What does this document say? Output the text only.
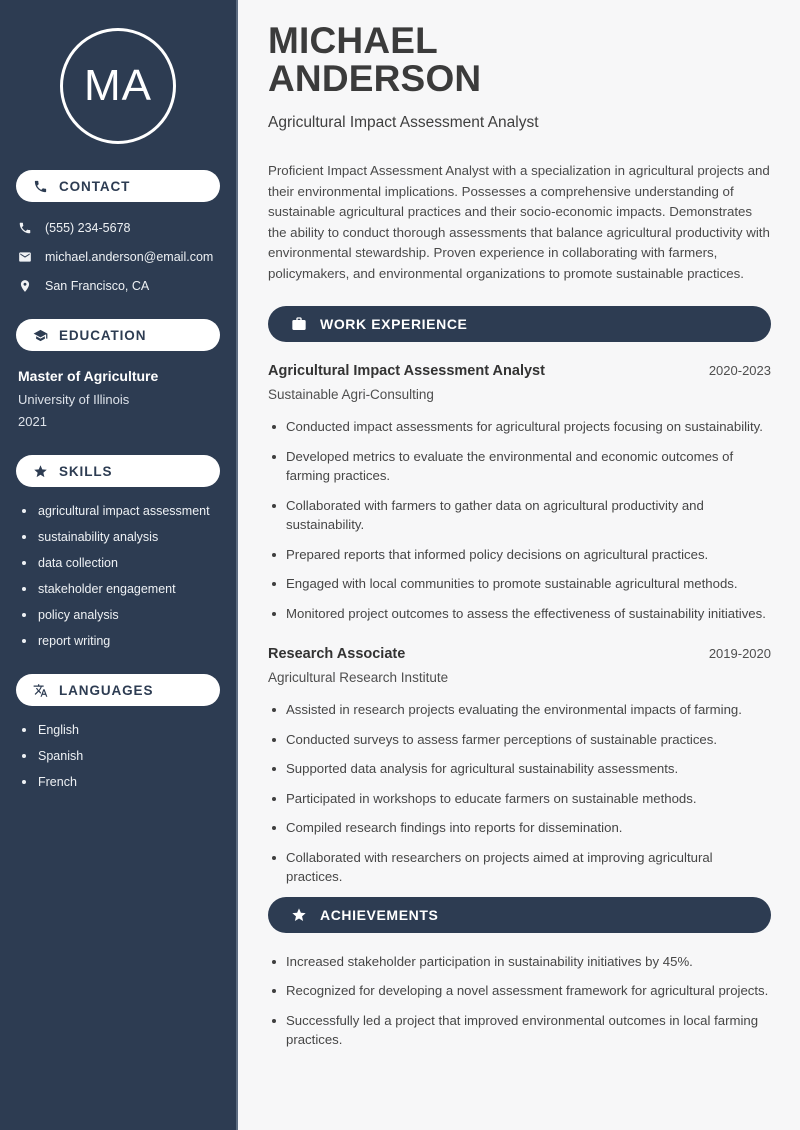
MA
CONTACT
(555) 234-5678
michael.anderson@email.com
San Francisco, CA
EDUCATION
Master of Agriculture
University of Illinois
2021
SKILLS
agricultural impact assessment
sustainability analysis
data collection
stakeholder engagement
policy analysis
report writing
LANGUAGES
English
Spanish
French
MICHAEL
ANDERSON
Agricultural Impact Assessment Analyst

Proficient Impact Assessment Analyst with a specialization in agricultural projects and their environmental implications. Possesses a comprehensive understanding of sustainable agricultural practices and their socio-economic impacts. Demonstrates the ability to conduct thorough assessments that balance agricultural productivity with environmental stewardship. Proven experience in collaborating with farmers, policymakers, and environmental organizations to promote sustainable practices.

WORK EXPERIENCE
Agricultural Impact Assessment Analyst	2020-2023
Sustainable Agri-Consulting
Conducted impact assessments for agricultural projects focusing on sustainability.
Developed metrics to evaluate the environmental and economic outcomes of farming practices.
Collaborated with farmers to gather data on agricultural productivity and sustainability.
Prepared reports that informed policy decisions on agricultural practices.
Engaged with local communities to promote sustainable agricultural methods.
Monitored project outcomes to assess the effectiveness of sustainability initiatives.
Research Associate	2019-2020
Agricultural Research Institute
Assisted in research projects evaluating the environmental impacts of farming.
Conducted surveys to assess farmer perceptions of sustainable practices.
Supported data analysis for agricultural sustainability assessments.
Participated in workshops to educate farmers on sustainable methods.
Compiled research findings into reports for dissemination.
Collaborated with researchers on projects aimed at improving agricultural practices.
ACHIEVEMENTS
Increased stakeholder participation in sustainability initiatives by 45%.
Recognized for developing a novel assessment framework for agricultural projects.
Successfully led a project that improved environmental outcomes in local farming practices.
